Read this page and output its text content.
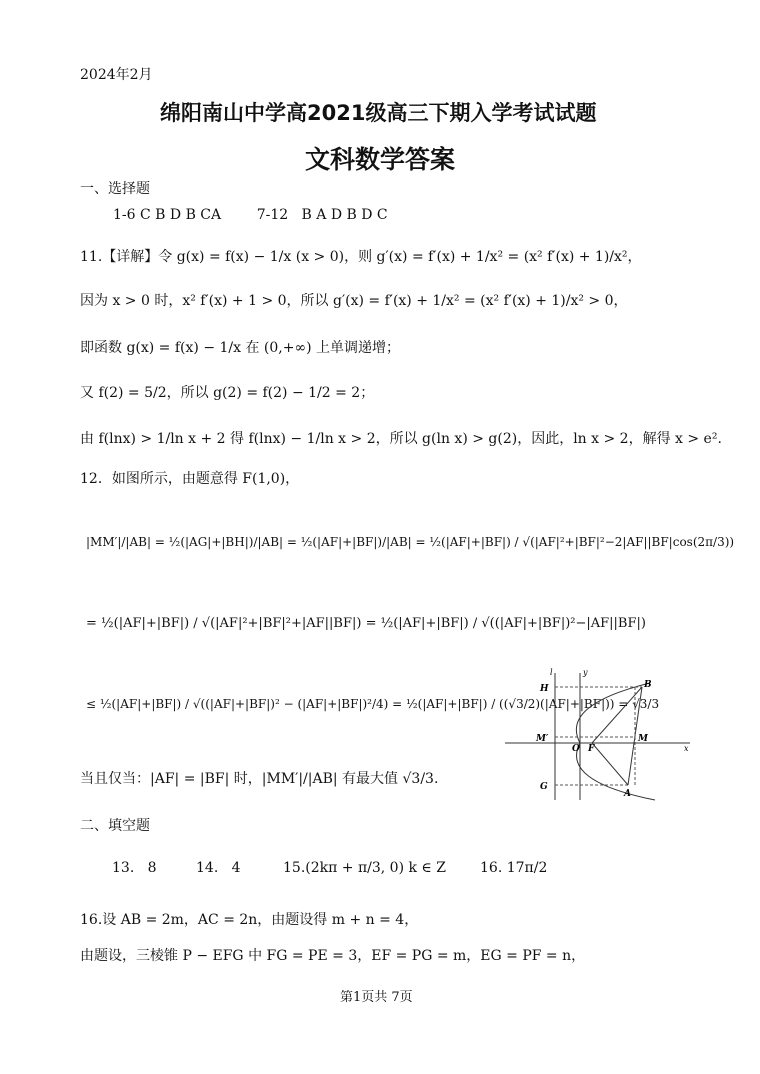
2024年2月
绵阳南山中学高2021级高三下期入学考试试题
文科数学答案
一、选择题
1-6 C B D B CA        7-12   B A D B D C
11.【详解】令 g(x) = f(x) − 1/x (x > 0)，则 g′(x) = f′(x) + 1/x² = (x² f′(x) + 1)/x²，
因为 x > 0 时，x² f′(x) + 1 > 0，所以 g′(x) = f′(x) + 1/x² = (x² f′(x) + 1)/x² > 0，
即函数 g(x) = f(x) − 1/x 在 (0,+∞) 上单调递增；
又 f(2) = 5/2，所以 g(2) = f(2) − 1/2 = 2；
由 f(lnx) > 1/ln x + 2 得 f(lnx) − 1/ln x > 2，所以 g(ln x) > g(2)，因此，ln x > 2，解得 x > e².
12．如图所示，由题意得 F(1,0)，
|MM′|/|AB| = ½(|AG|+|BH|)/|AB| = ½(|AF|+|BF|)/|AB| = ½(|AF|+|BF|) / √(|AF|²+|BF|²−2|AF||BF|cos(2π/3))
= ½(|AF|+|BF|) / √(|AF|²+|BF|²+|AF||BF|) = ½(|AF|+|BF|) / √((|AF|+|BF|)²−|AF||BF|)
≤ ½(|AF|+|BF|) / √((|AF|+|BF|)² − (|AF|+|BF|)²/4) = ½(|AF|+|BF|) / ((√3/2)(|AF|+|BF|)) = √3/3
当且仅当：|AF| = |BF| 时，|MM′|/|AB| 有最大值 √3/3.
l	y
x
H	B
M′
O F
M
G
A
二、填空题
13.   8	14.   4	15.(2kπ + π/3, 0) k ∈ Z 16. 17π/2
16.设 AB = 2m，AC = 2n，由题设得 m + n = 4，
由题设，三棱锥 P − EFG 中 FG = PE = 3，EF = PG = m，EG = PF = n，
第1页共 7页
